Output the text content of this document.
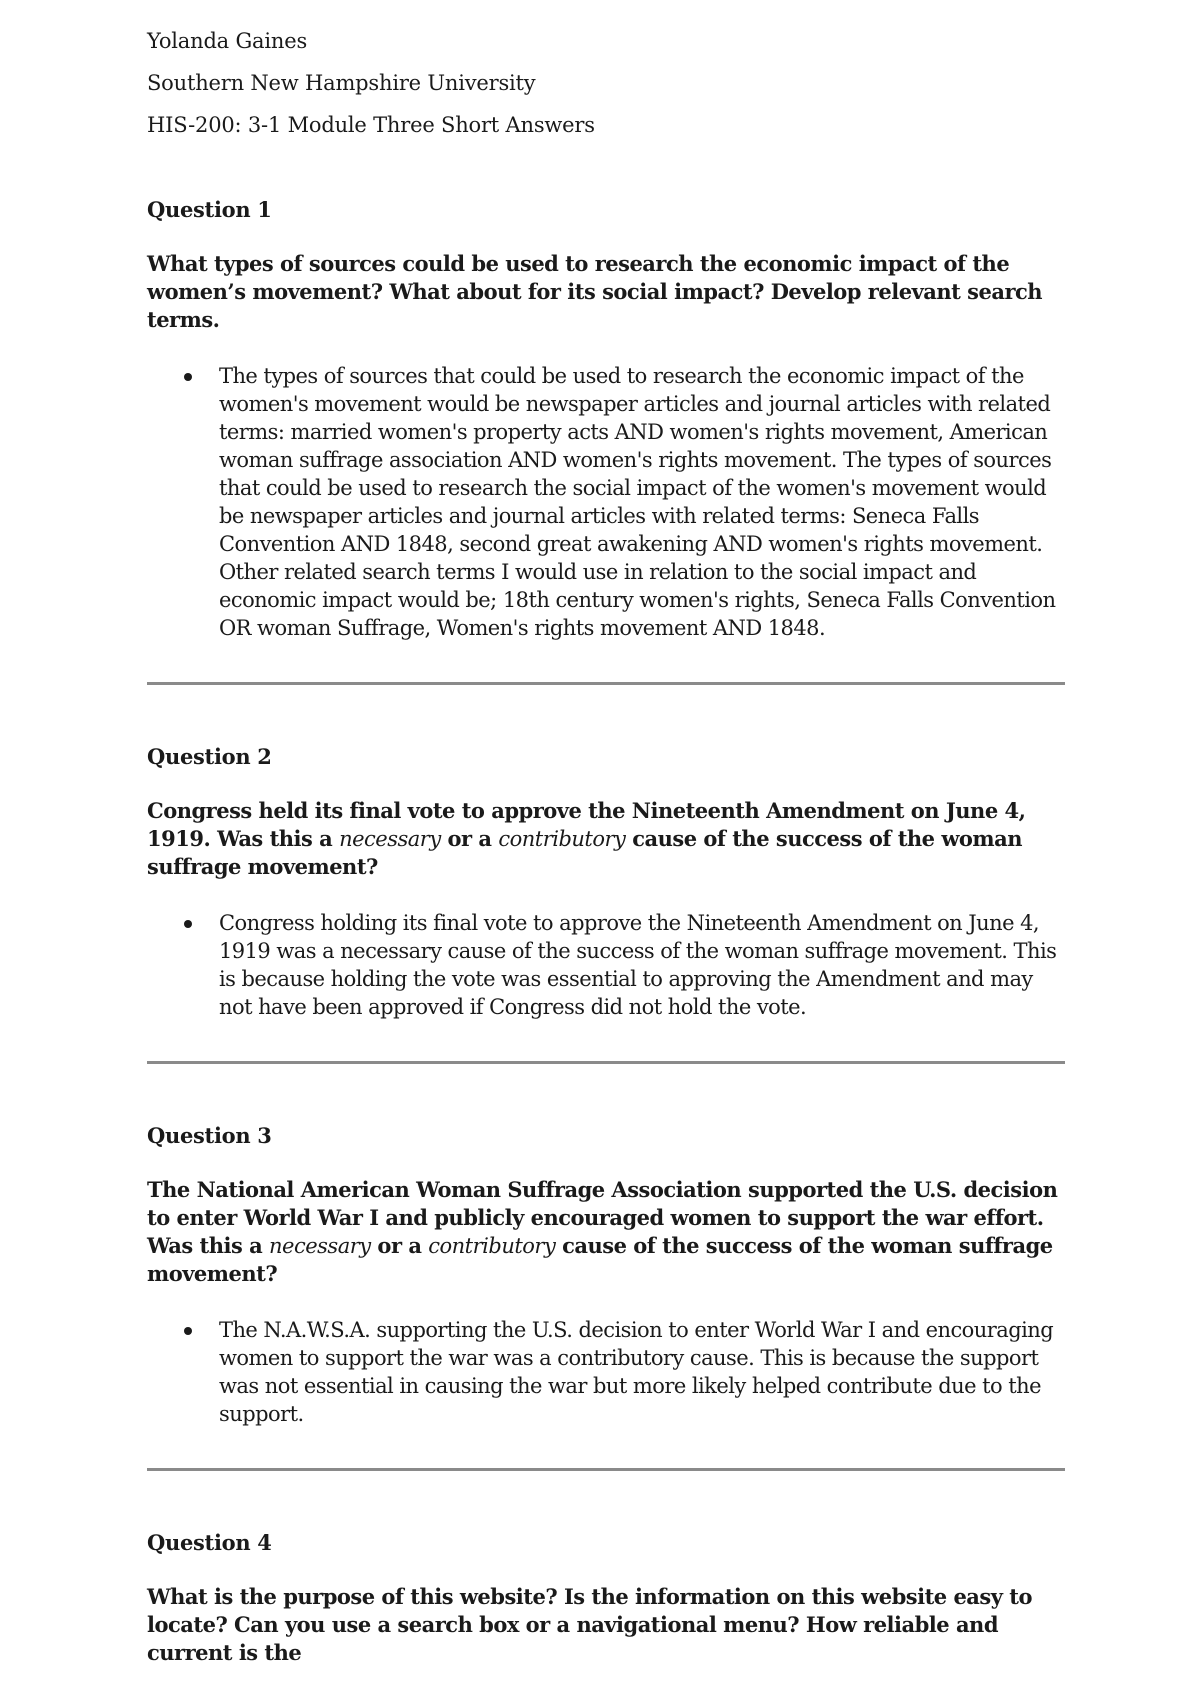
Yolanda Gaines
Southern New Hampshire University
HIS-200: 3-1 Module Three Short Answers
Question 1
What types of sources could be used to research the economic impact of the women’s movement? What about for its social impact? Develop relevant search terms.
The types of sources that could be used to research the economic impact of the women's movement would be newspaper articles and journal articles with related terms: married women's property acts AND women's rights movement, American woman suffrage association AND women's rights movement. The types of sources that could be used to research the social impact of the women's movement would be newspaper articles and journal articles with related terms: Seneca Falls Convention AND 1848, second great awakening AND women's rights movement. Other related search terms I would use in relation to the social impact and economic impact would be; 18th century women's rights, Seneca Falls Convention OR woman Suffrage, Women's rights movement AND 1848.
Question 2
Congress held its final vote to approve the Nineteenth Amendment on June 4, 1919. Was this a necessary or a contributory cause of the success of the woman suffrage movement?
Congress holding its final vote to approve the Nineteenth Amendment on June 4, 1919 was a necessary cause of the success of the woman suffrage movement. This is because holding the vote was essential to approving the Amendment and may not have been approved if Congress did not hold the vote.
Question 3
The National American Woman Suffrage Association supported the U.S. decision to enter World War I and publicly encouraged women to support the war effort. Was this a necessary or a contributory cause of the success of the woman suffrage movement?
The N.A.W.S.A. supporting the U.S. decision to enter World War I and encouraging women to support the war was a contributory cause. This is because the support was not essential in causing the war but more likely helped contribute due to the support.
Question 4
What is the purpose of this website? Is the information on this website easy to locate? Can you use a search box or a navigational menu? How reliable and current is the
